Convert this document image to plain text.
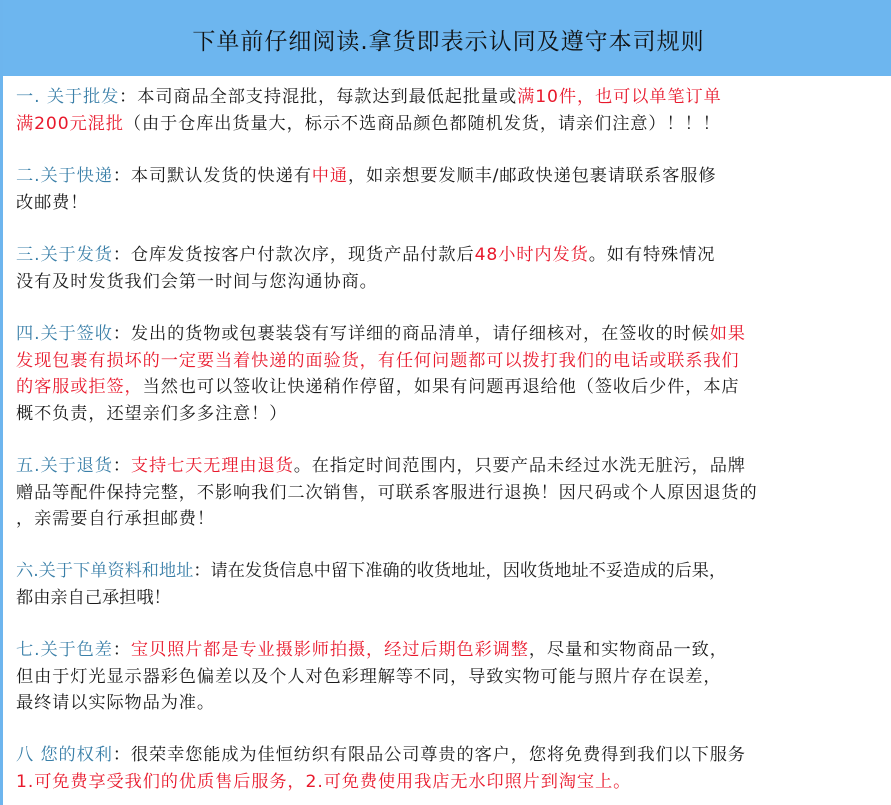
下单前仔细阅读.拿货即表示认同及遵守本司规则
一. 关于批发：本司商品全部支持混批，每款达到最低起批量或满10件，也可以单笔订单
满200元混批（由于仓库出货量大，标示不选商品颜色都随机发货，请亲们注意）！！！
二.关于快递：本司默认发货的快递有中通，如亲想要发顺丰/邮政快递包裹请联系客服修
改邮费！
三.关于发货：仓库发货按客户付款次序，现货产品付款后48小时内发货。如有特殊情况
没有及时发货我们会第一时间与您沟通协商。
四.关于签收：发出的货物或包裹装袋有写详细的商品清单，请仔细核对，在签收的时候如果
发现包裹有损坏的一定要当着快递的面验货，有任何问题都可以拨打我们的电话或联系我们
的客服或拒签，当然也可以签收让快递稍作停留，如果有问题再退给他（签收后少件，本店
概不负责，还望亲们多多注意！）
五.关于退货：支持七天无理由退货。在指定时间范围内，只要产品未经过水洗无脏污，品牌
赠品等配件保持完整，不影响我们二次销售，可联系客服进行退换！因尺码或个人原因退货的
，亲需要自行承担邮费！
六.关于下单资料和地址：请在发货信息中留下准确的收货地址，因收货地址不妥造成的后果，
都由亲自己承担哦！
七.关于色差：宝贝照片都是专业摄影师拍摄，经过后期色彩调整，尽量和实物商品一致，
但由于灯光显示器彩色偏差以及个人对色彩理解等不同，导致实物可能与照片存在误差，
最终请以实际物品为准。
八 您的权利：很荣幸您能成为佳恒纺织有限品公司尊贵的客户，您将免费得到我们以下服务
1.可免费享受我们的优质售后服务，2.可免费使用我店无水印照片到淘宝上。
